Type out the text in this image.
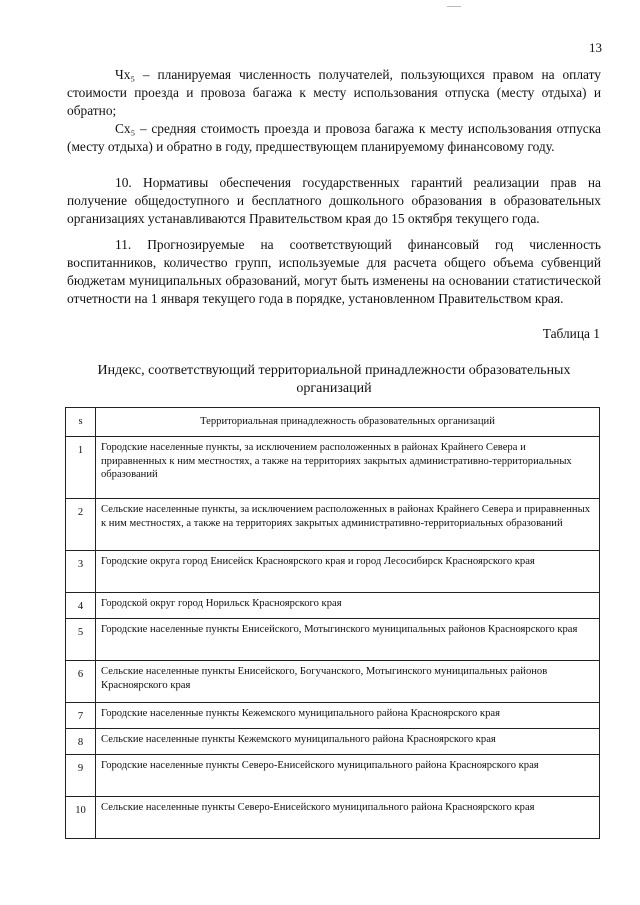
13

Чх₅ – планируемая численность получателей, пользующихся правом на оплату стоимости проезда и провоза багажа к месту использования отпуска (месту отдыха) и обратно;

Сх₅ – средняя стоимость проезда и провоза багажа к месту использования отпуска (месту отдыха) и обратно в году, предшествующем планируемому финансовому году.

10. Нормативы обеспечения государственных гарантий реализации прав на получение общедоступного и бесплатного дошкольного образования в образовательных организациях устанавливаются Правительством края до 15 октября текущего года.

11. Прогнозируемые на соответствующий финансовый год численность воспитанников, количество групп, используемые для расчета общего объема субвенций бюджетам муниципальных образований, могут быть изменены на основании статистической отчетности на 1 января текущего года в порядке, установленном Правительством края.

Таблица 1
Индекс, соответствующий территориальной принадлежности образовательных организаций
s	Территориальная принадлежность образовательных организаций
1	Городские населенные пункты, за исключением расположенных в районах Крайнего Севера и приравненных к ним местностях, а также на территориях закрытых административно-территориальных образований
2	Сельские населенные пункты, за исключением расположенных в районах Крайнего Севера и приравненных к ним местностях, а также на территориях закрытых административно-территориальных образований
3	Городские округа город Енисейск Красноярского края и город Лесосибирск Красноярского края
4	Городской округ город Норильск Красноярского края
5	Городские населенные пункты Енисейского, Мотыгинского муниципальных районов Красноярского края
6	Сельские населенные пункты Енисейского, Богучанского, Мотыгинского муниципальных районов Красноярского края
7	Городские населенные пункты Кежемского муниципального района Красноярского края
8	Сельские населенные пункты Кежемского муниципального района Красноярского края
9	Городские населенные пункты Северо-Енисейского муниципального района Красноярского края
10	Сельские населенные пункты Северо-Енисейского муниципального района Красноярского края
